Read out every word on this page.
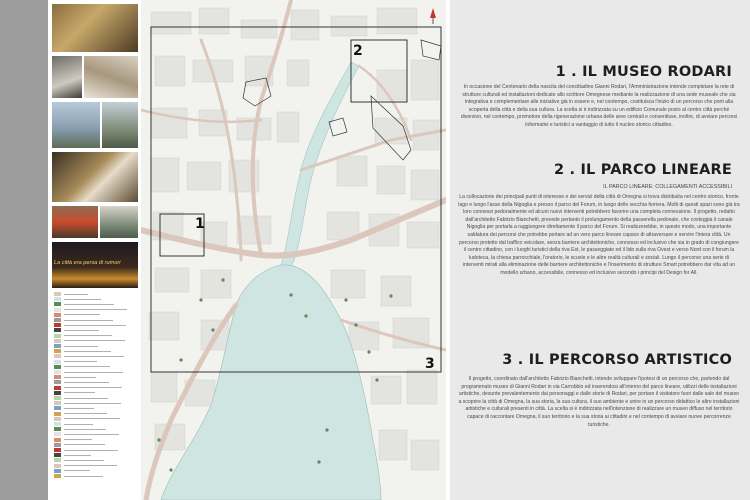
La città era persa di rumori
1
2
3
1 . IL MUSEO RODARI

In occasione del Centenario della nascita del concittadino Gianni Rodari, l'Amministrazione intende completare la rete di strutture culturali ed installazioni dedicate allo scrittore Omegnese mediante la realizzazione di una sede museale che sia integrativa e complementare alle iniziative già in essere e, nel contempo, costituisca l'inizio di un percorso che porti alla scoperta della città e della sua cultura. La scelta si è indirizzata su un edificio Comunale posto al centro città perché diversivo, nel contempo, promotore della rigenerazione urbana delle aree centrali e consentisse, inoltre, di avviare percorsi informativi e turistici a vantaggio di tutto il nucleo storico cittadino.

2 . IL PARCO LINEARE

IL PARCO LINEARE: COLLEGAMENTI ACCESSIBILI

La collocazione dei principali punti di interesse e dei servizi della città di Omegna si trova distribuita nel centro storico, fronte lago e lungo l'asse della Nigoglia e presso il parco del Forum, in luogo delle vecchia ferriera. Molti di questi spazi sono già tra loro connessi pedonalmente ed alcuni nuovi interventi potrebbero favorire una completa connessione. Il progetto, redatto dall'architetto Fabrizio Bianchetti, prevede pertanto il prolungamento della passerella pedonale, che costeggia il canale Nigoglia per portarla a raggiungere direttamente il parco del Forum. Si realizzerebbe, in questo modo, una importante saldatura dei percorsi che potrebbe portare ad un vero parco lineare capace di attraversare e servire l'intera città. Un percorso protetto dal traffico veicolare, senza barriere architettoniche, connesso ed inclusivo che sia in grado di congiungere il centro cittadino, con i luoghi turistici della riva Est, le passeggiate ed il lido sulla riva Ovest e verso Nord con il forum la ludoteca, la chiesa parrocchiale, l'oratorio, le scuole e le altre realtà culturali e sociali. Lungo il percorso una serie di interventi mirati alla eliminazione delle barriere architettoniche e l'inserimento di strutture Smart potrebbero dar vita ad un modello urbano, accessibile, connesso ed inclusivo secondo i principi del Design for All.

3 . IL PERCORSO ARTISTICO

Il progetto, coordinato dall'architetto Fabrizio Bianchetti, intende sviluppare l'ipotesi di un percorso che, partendo dal programmato museo di Gianni Rodari in via Carrobbio ed inserendosi all'interno del parco lineare, utilizzi delle installazioni artistiche, desunte prevalentemente dai personaggi e dalle storie di Rodari, per portare il visitatore fuori dalle sale del museo a scoprire la città di Omegna, la sua storia, la sua cultura, il suo ambiente e unire in un percorso didattico le altre installazioni artistiche e culturali presenti in città. La scelta si è indirizzata nell'intenzione di realizzare un museo diffuso nel territorio capace di raccontare Omegna, il suo territorio e la sua storia ai cittadini e nel contempo di avviare nuove percorrenze turistiche.
